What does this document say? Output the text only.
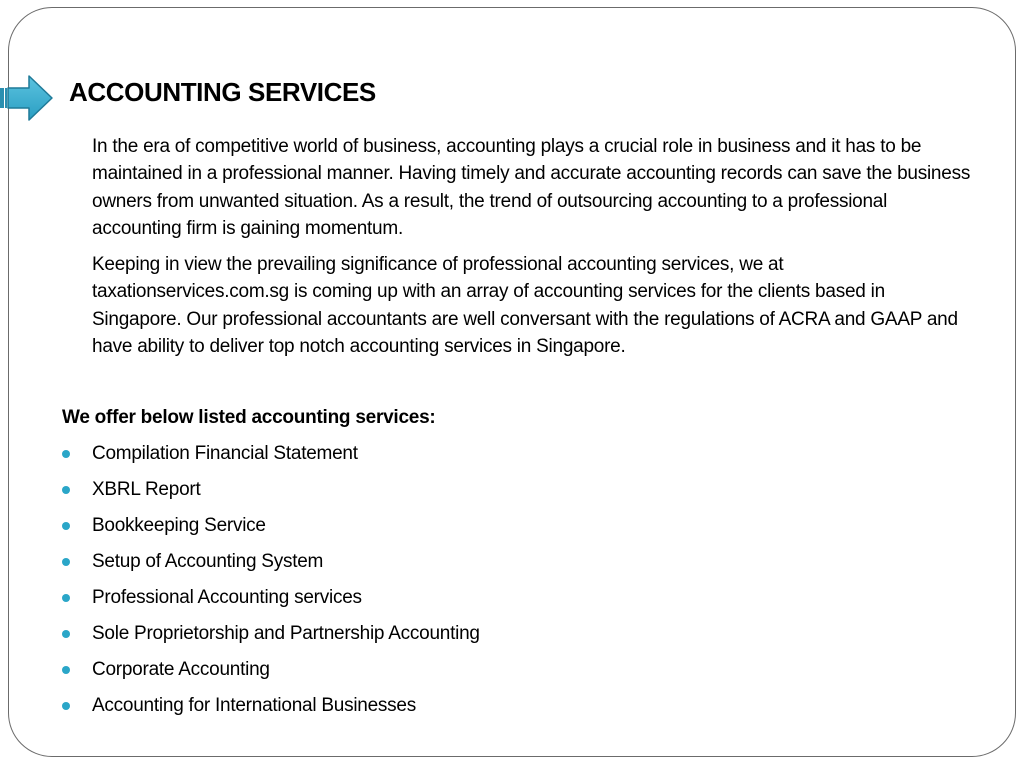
ACCOUNTING SERVICES

In the era of competitive world of business, accounting plays a crucial role in business and it has to be maintained in a professional manner. Having timely and accurate accounting records can save the business owners from unwanted situation. As a result, the trend of outsourcing accounting to a professional accounting firm is gaining momentum.

Keeping in view the prevailing significance of professional accounting services, we at taxationservices.com.sg is coming up with an array of accounting services for the clients based in Singapore. Our professional accountants are well conversant with the regulations of ACRA and GAAP and have ability to deliver top notch accounting services in Singapore.

We offer below listed accounting services:

Compilation Financial Statement
XBRL Report
Bookkeeping Service
Setup of Accounting System
Professional Accounting services
Sole Proprietorship and Partnership Accounting
Corporate Accounting
Accounting for International Businesses
